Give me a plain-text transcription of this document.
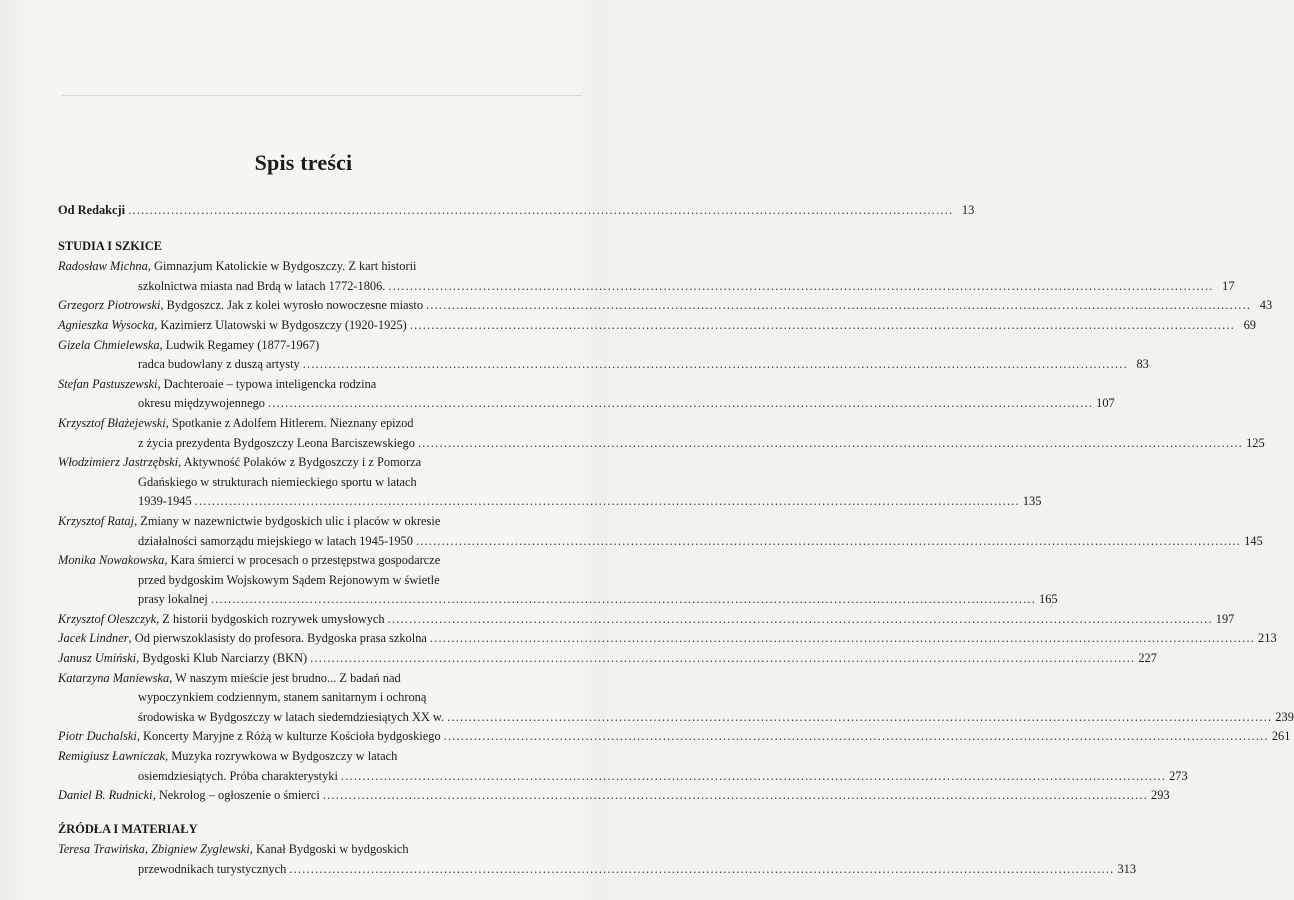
Spis treści
Od Redakcji .....	13
STUDIA I SZKICE
Radosław Michna, Gimnazjum Katolickie w Bydgoszczy. Z kart historii
szkolnictwa miasta nad Brdą w latach 1772-1806. .....	17
Grzegorz Piotrowski, Bydgoszcz. Jak z kolei wyrosło nowoczesne miasto .....	43
Agnieszka Wysocka, Kazimierz Ulatowski w Bydgoszczy (1920-1925) .....	69
Gizela Chmielewska, Ludwik Regamey (1877-1967)
radca budowlany z duszą artysty .....	83
Stefan Pastuszewski, Dachteroaie – typowa inteligencka rodzina
okresu międzywojennego .....	107
Krzysztof Błażejewski, Spotkanie z Adolfem Hitlerem. Nieznany epizod
z życia prezydenta Bydgoszczy Leona Barciszewskiego .....	125
Włodzimierz Jastrzębski, Aktywność Polaków z Bydgoszczy i z Pomorza
Gdańskiego w strukturach niemieckiego sportu w latach
1939-1945 .....	135
Krzysztof Rataj, Zmiany w nazewnictwie bydgoskich ulic i placów w okresie
działalności samorządu miejskiego w latach 1945-1950 .....	145
Monika Nowakowska, Kara śmierci w procesach o przestępstwa gospodarcze
przed bydgoskim Wojskowym Sądem Rejonowym w świetle
prasy lokalnej .....	165
Krzysztof Oleszczyk, Z historii bydgoskich rozrywek umysłowych .....	197
Jacek Lindner, Od pierwszoklasisty do profesora. Bydgoska prasa szkolna .....	213
Janusz Umiński, Bydgoski Klub Narciarzy (BKN) .....	227
Katarzyna Maniewska, W naszym mieście jest brudno... Z badań nad
wypoczynkiem codziennym, stanem sanitarnym i ochroną
środowiska w Bydgoszczy w latach siedemdziesiątych XX w. .....	239
Piotr Duchalski, Koncerty Maryjne z Różą w kulturze Kościoła bydgoskiego .....	261
Remigiusz Ławniczak, Muzyka rozrywkowa w Bydgoszczy w latach
osiemdziesiątych. Próba charakterystyki .....	273
Daniel B. Rudnicki, Nekrolog – ogłoszenie o śmierci .....	293
ŹRÓDŁA I MATERIAŁY
Teresa Trawińska, Zbigniew Zyglewski, Kanał Bydgoski w bydgoskich
przewodnikach turystycznych .....	313
